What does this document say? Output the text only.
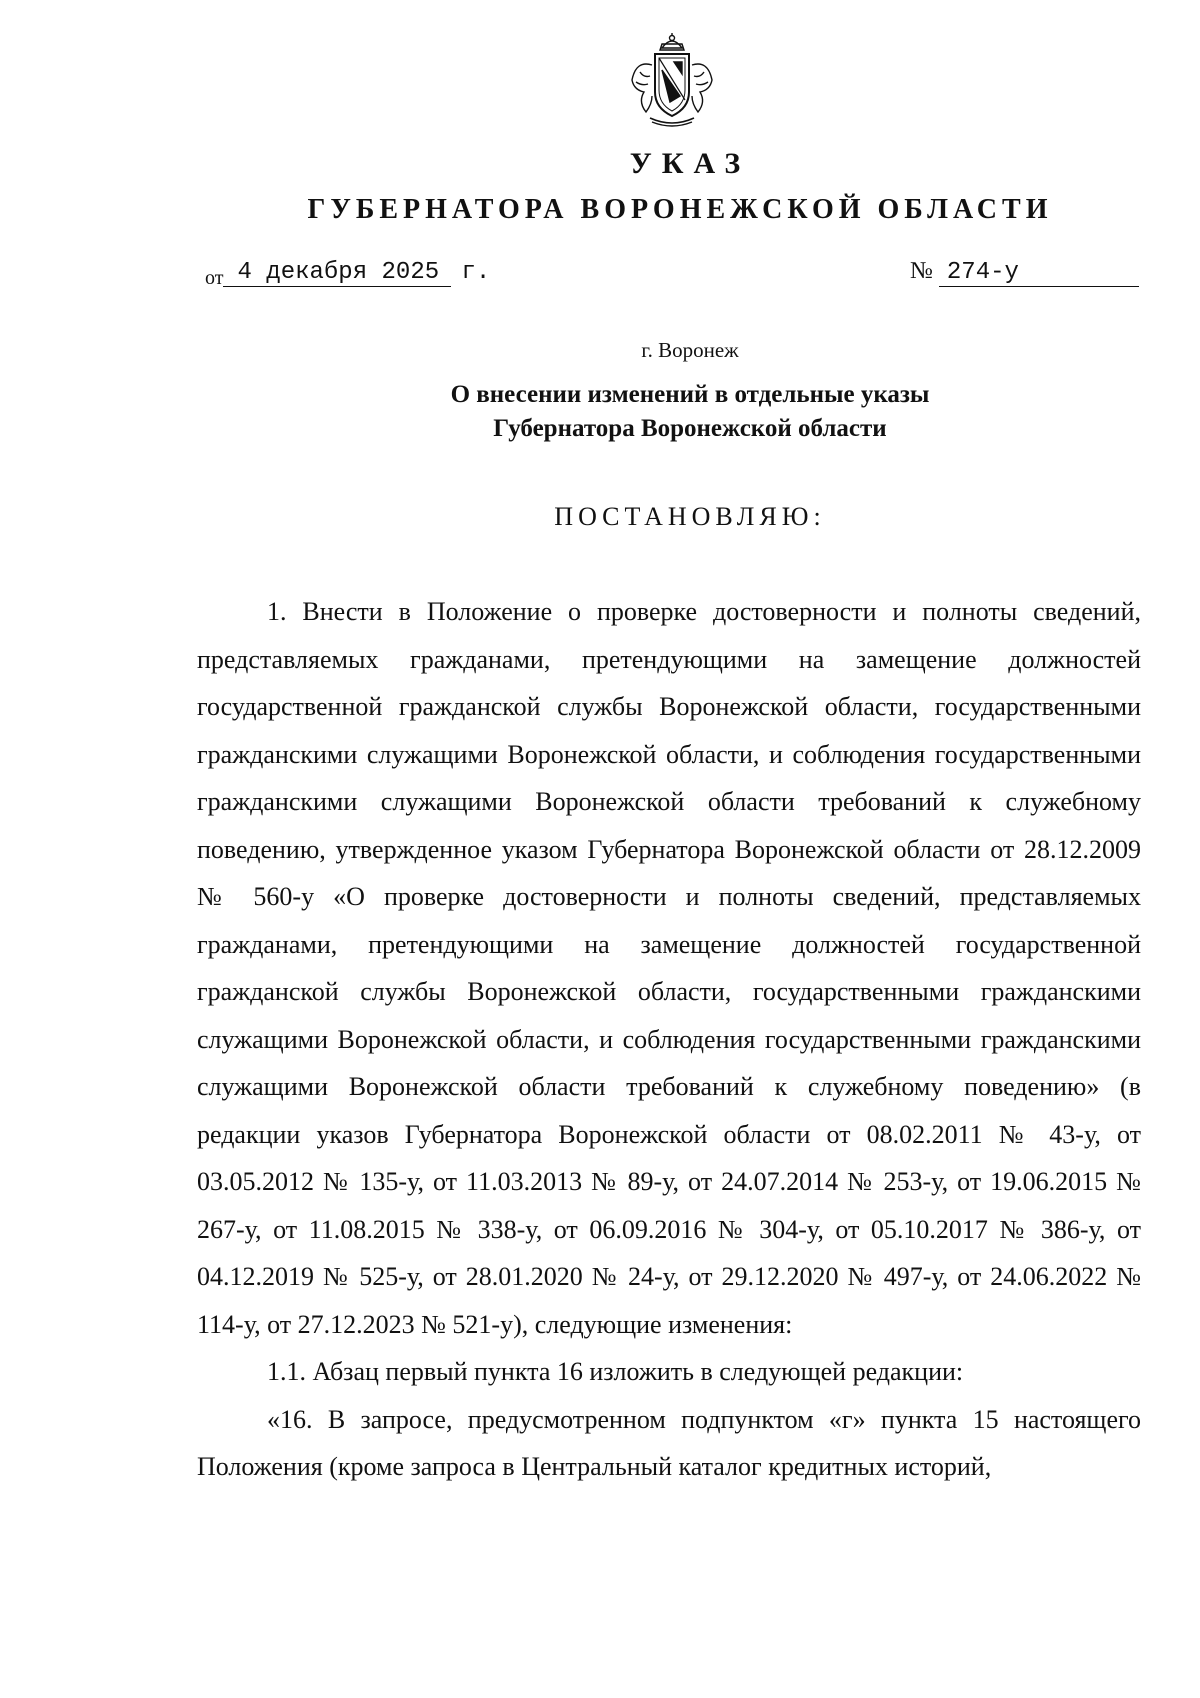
УКАЗ
ГУБЕРНАТОРА ВОРОНЕЖСКОЙ ОБЛАСТИ
от 4 декабря 2025 г.	№ 274-у
г. Воронеж
О внесении изменений в отдельные указы
Губернатора Воронежской области
ПОСТАНОВЛЯЮ:

1. Внести в Положение о проверке достоверности и полноты сведений, представляемых гражданами, претендующими на замещение должностей государственной гражданской службы Воронежской области, государственными гражданскими служащими Воронежской области, и соблюдения государственными гражданскими служащими Воронежской области требований к служебному поведению, утвержденное указом Губернатора Воронежской области от 28.12.2009 № 560-у «О проверке достоверности и полноты сведений, представляемых гражданами, претендующими на замещение должностей государственной гражданской службы Воронежской области, государственными гражданскими служащими Воронежской области, и соблюдения государственными гражданскими служащими Воронежской области требований к служебному поведению» (в редакции указов Губернатора Воронежской области от 08.02.2011 № 43-у, от 03.05.2012 № 135-у, от 11.03.2013 № 89-у, от 24.07.2014 № 253-у, от 19.06.2015 № 267-у, от 11.08.2015 № 338-у, от 06.09.2016 № 304-у, от 05.10.2017 № 386-у, от 04.12.2019 № 525-у, от 28.01.2020 № 24-у, от 29.12.2020 № 497-у, от 24.06.2022 № 114-у, от 27.12.2023 № 521-у), следующие изменения:

1.1. Абзац первый пункта 16 изложить в следующей редакции:

«16. В запросе, предусмотренном подпунктом «г» пункта 15 настоящего Положения (кроме запроса в Центральный каталог кредитных историй,
